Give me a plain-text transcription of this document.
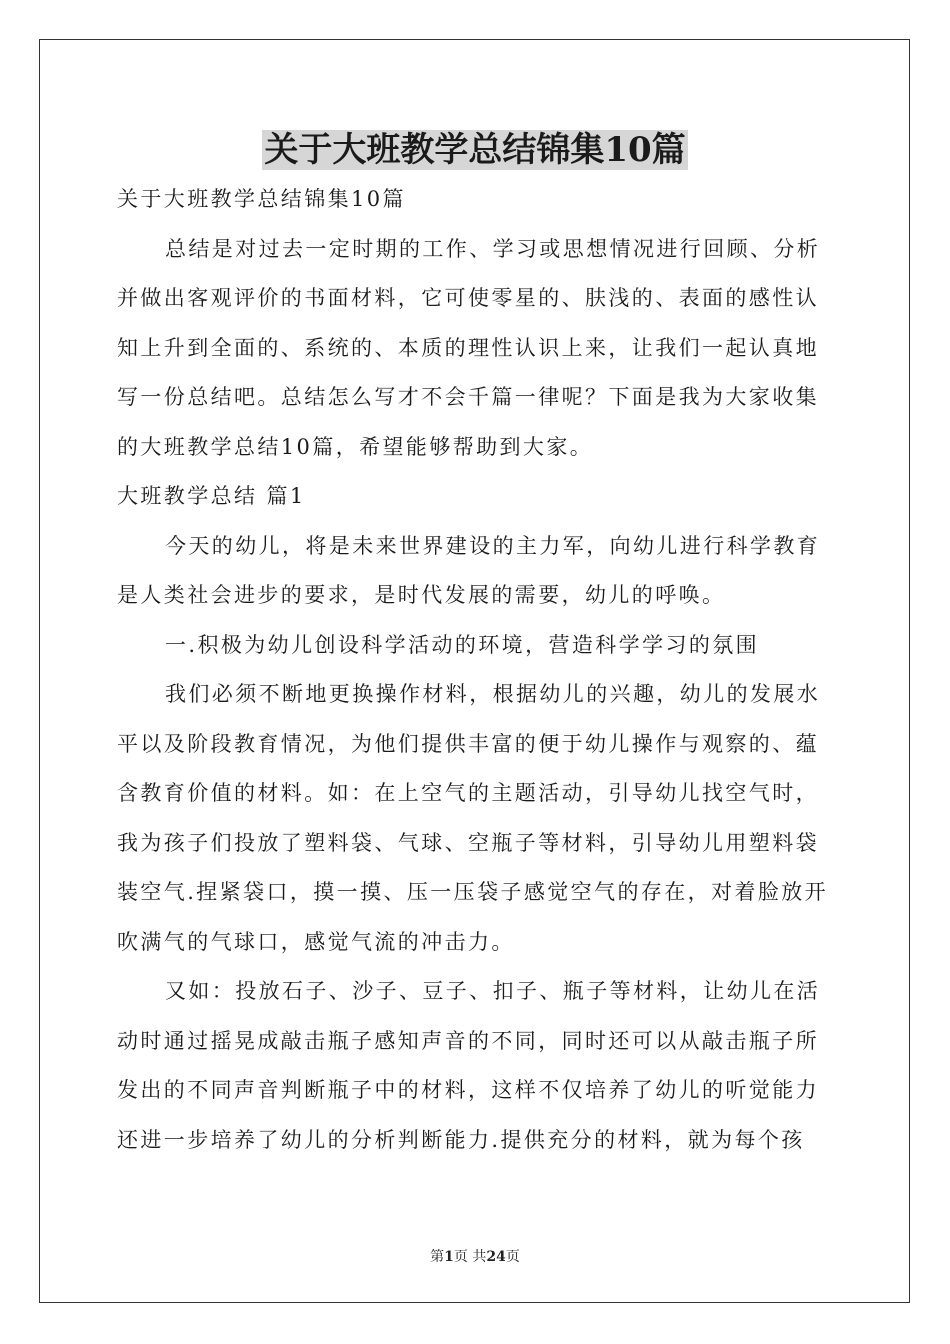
关于大班教学总结锦集10篇

关于大班教学总结锦集10篇

总结是对过去一定时期的工作、学习或思想情况进行回顾、分析并做出客观评价的书面材料，它可使零星的、肤浅的、表面的感性认知上升到全面的、系统的、本质的理性认识上来，让我们一起认真地写一份总结吧。总结怎么写才不会千篇一律呢？下面是我为大家收集的大班教学总结10篇，希望能够帮助到大家。

大班教学总结 篇1

今天的幼儿，将是未来世界建设的主力军，向幼儿进行科学教育是人类社会进步的要求，是时代发展的需要，幼儿的呼唤。

一.积极为幼儿创设科学活动的环境，营造科学学习的氛围

我们必须不断地更换操作材料，根据幼儿的兴趣，幼儿的发展水平以及阶段教育情况，为他们提供丰富的便于幼儿操作与观察的、蕴含教育价值的材料。如：在上空气的主题活动，引导幼儿找空气时，我为孩子们投放了塑料袋、气球、空瓶子等材料，引导幼儿用塑料袋装空气.捏紧袋口，摸一摸、压一压袋子感觉空气的存在，对着脸放开吹满气的气球口，感觉气流的冲击力。

又如：投放石子、沙子、豆子、扣子、瓶子等材料，让幼儿在活动时通过摇晃成敲击瓶子感知声音的不同，同时还可以从敲击瓶子所发出的不同声音判断瓶子中的材料，这样不仅培养了幼儿的听觉能力还进一步培养了幼儿的分析判断能力.提供充分的材料，就为每个孩

第1页 共24页
